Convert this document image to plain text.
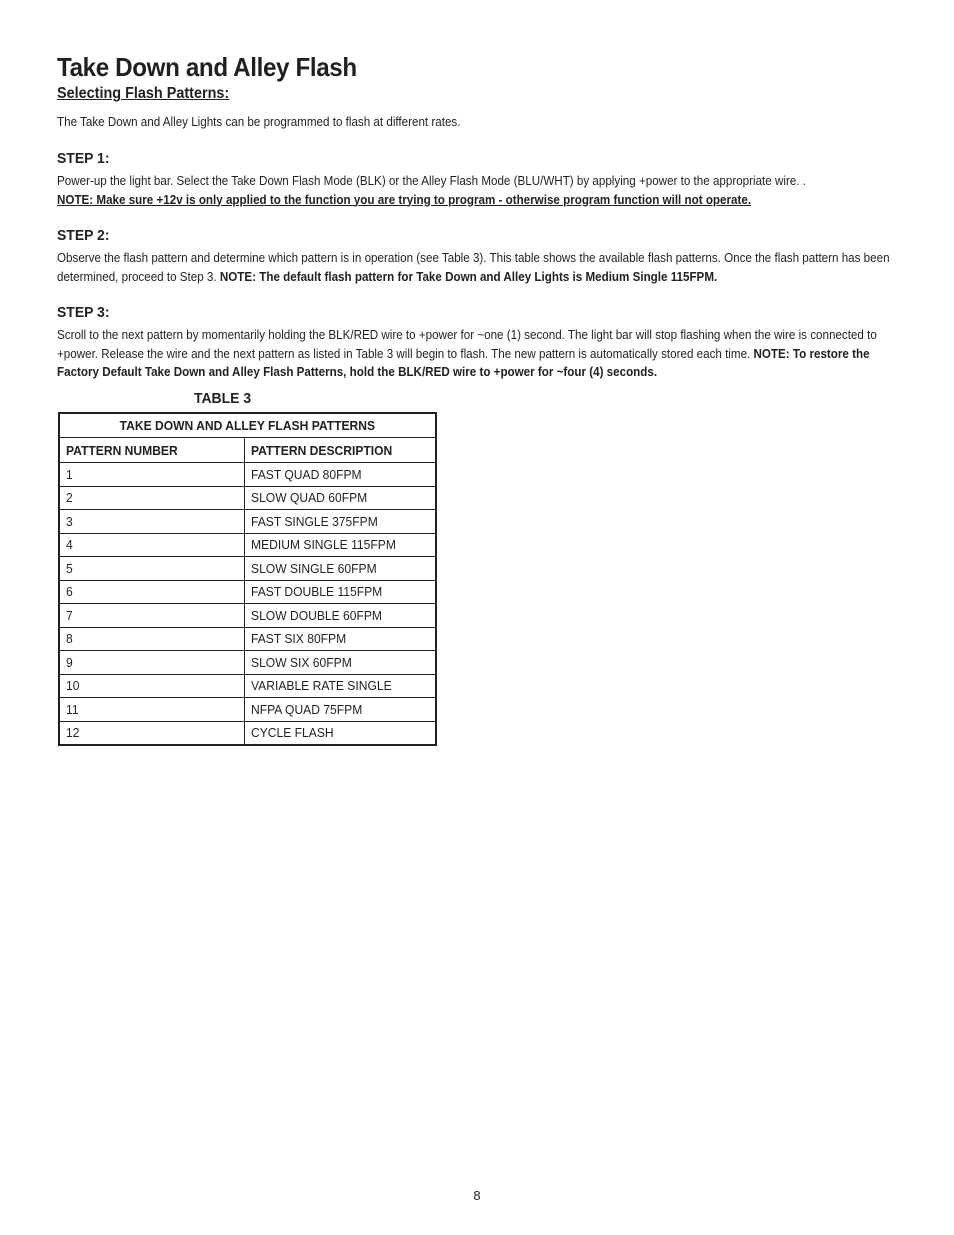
Take Down and Alley Flash
Selecting Flash Patterns:

The Take Down and Alley Lights can be programmed to flash at different rates.

STEP 1:
Power-up the light bar. Select the Take Down Flash Mode (BLK) or the Alley Flash Mode (BLU/WHT) by applying +power to the appropriate wire. .
NOTE: Make sure +12v is only applied to the function you are trying to program - otherwise program function will not operate.
STEP 2:
Observe the flash pattern and determine which pattern is in operation (see Table 3). This table shows the available flash patterns. Once the flash pattern has been determined, proceed to Step 3. NOTE: The default flash pattern for Take Down and Alley Lights is Medium Single 115FPM.
STEP 3:
Scroll to the next pattern by momentarily holding the BLK/RED wire to +power for ~one (1) second. The light bar will stop flashing when the wire is connected to +power. Release the wire and the next pattern as listed in Table 3 will begin to flash. The new pattern is automatically stored each time. NOTE: To restore the Factory Default Take Down and Alley Flash Patterns, hold the BLK/RED wire to +power for ~four (4) seconds.
TABLE 3
TAKE DOWN AND ALLEY FLASH PATTERNS	
PATTERN NUMBER	PATTERN DESCRIPTION
1	FAST QUAD 80FPM
2	SLOW QUAD 60FPM
3	FAST SINGLE 375FPM
4	MEDIUM SINGLE 115FPM
5	SLOW SINGLE 60FPM
6	FAST DOUBLE 115FPM
7	SLOW DOUBLE 60FPM
8	FAST SIX 80FPM
9	SLOW SIX 60FPM
10	VARIABLE RATE SINGLE
11	NFPA QUAD 75FPM
12	CYCLE FLASH
8
